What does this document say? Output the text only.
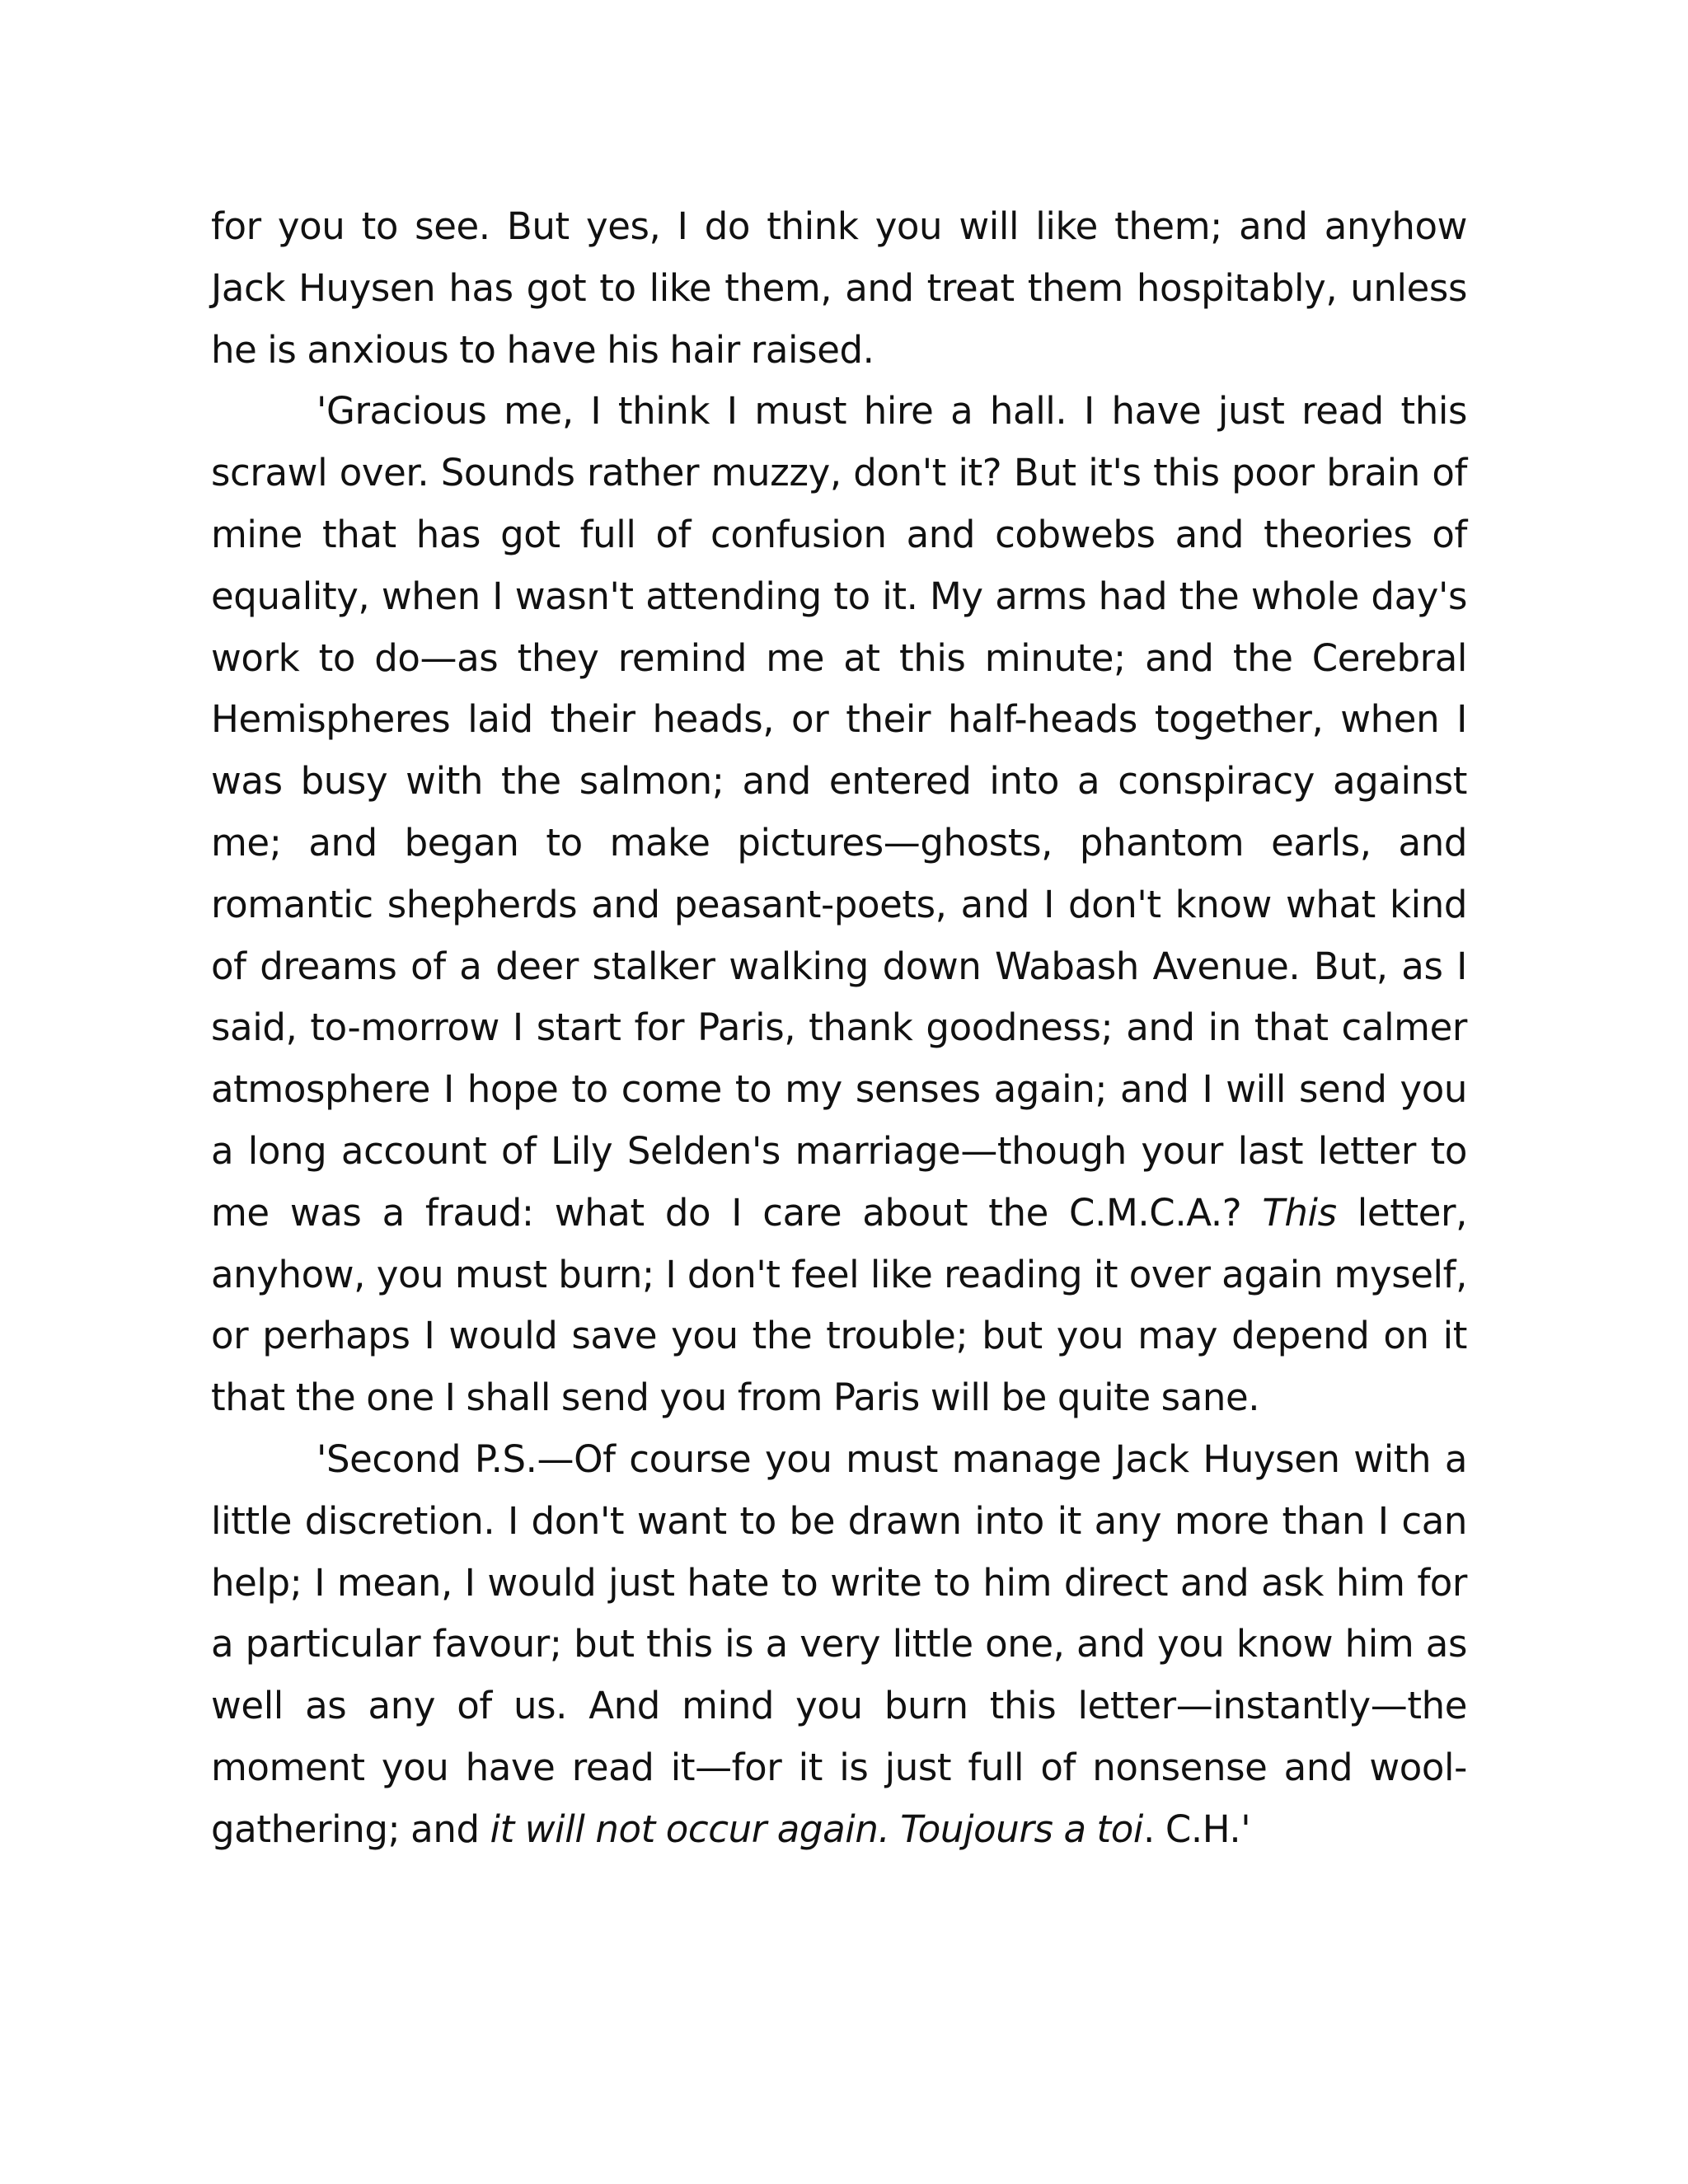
for you to see. But yes, I do think you will like them; and anyhow Jack Huysen has got to like them, and treat them hospitably, unless he is anxious to have his hair raised.

'Gracious me, I think I must hire a hall. I have just read this scrawl over. Sounds rather muzzy, don't it? But it's this poor brain of mine that has got full of confusion and cobwebs and theories of equality, when I wasn't attending to it. My arms had the whole day's work to do—as they remind me at this minute; and the Cerebral Hemispheres laid their heads, or their half-heads together, when I was busy with the salmon; and entered into a conspiracy against me; and began to make pictures—ghosts, phantom earls, and romantic shepherds and peasant-poets, and I don't know what kind of dreams of a deer stalker walking down Wabash Avenue. But, as I said, to-morrow I start for Paris, thank goodness; and in that calmer atmosphere I hope to come to my senses again; and I will send you a long account of Lily Selden's marriage—though your last letter to me was a fraud: what do I care about the C.M.C.A.? This letter, anyhow, you must burn; I don't feel like reading it over again myself, or perhaps I would save you the trouble; but you may depend on it that the one I shall send you from Paris will be quite sane.

'Second P.S.—Of course you must manage Jack Huysen with a little discretion. I don't want to be drawn into it any more than I can help; I mean, I would just hate to write to him direct and ask him for a particular favour; but this is a very little one, and you know him as well as any of us. And mind you burn this letter—instantly—the moment you have read it—for it is just full of nonsense and wool-gathering; and it will not occur again. Toujours a toi. C.H.'
